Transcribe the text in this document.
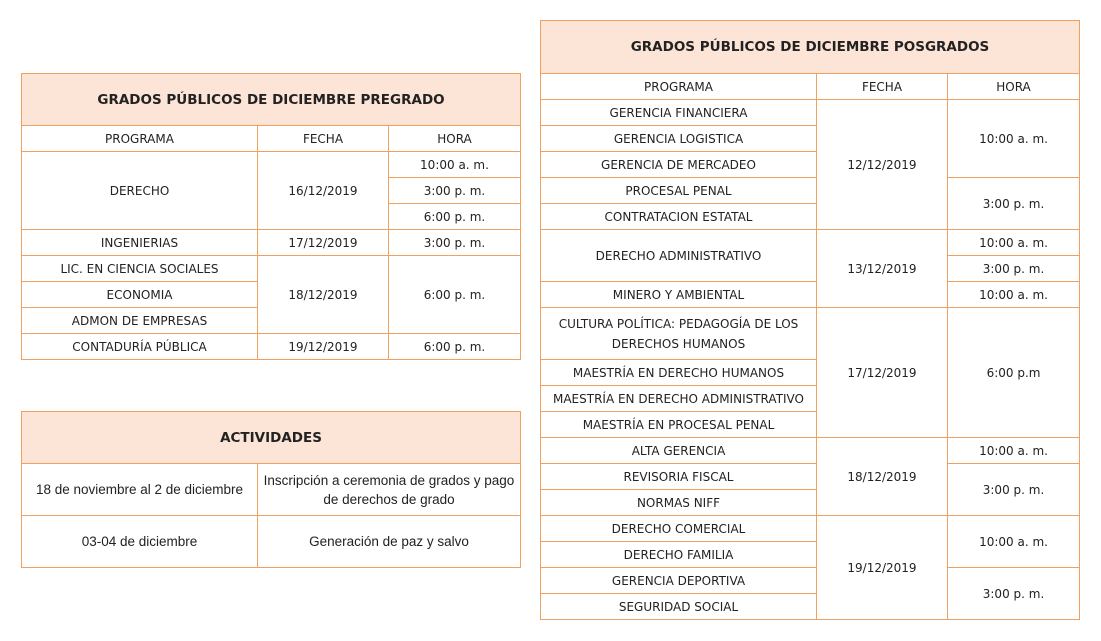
GRADOS PÚBLICOS DE DICIEMBRE PREGRADO		
PROGRAMA	FECHA	HORA
DERECHO	16/12/2019	10:00 a. m.
		3:00 p. m.
		6:00 p. m.
INGENIERIAS	17/12/2019	3:00 p. m.
LIC. EN CIENCIA SOCIALES	18/12/2019	6:00 p. m.
ECONOMIA		
ADMON DE EMPRESAS		
CONTADURÍA PÚBLICA	19/12/2019	6:00 p. m.
ACTIVIDADES	
18 de noviembre al 2 de diciembre	Inscripción a ceremonia de grados y pago de derechos de grado
03-04 de diciembre	Generación de paz y salvo
GRADOS PÚBLICOS DE DICIEMBRE POSGRADOS		
PROGRAMA	FECHA	HORA
GERENCIA FINANCIERA	12/12/2019	10:00 a. m.
GERENCIA LOGISTICA		
GERENCIA DE MERCADEO		
PROCESAL PENAL		3:00 p. m.
CONTRATACION ESTATAL		
DERECHO ADMINISTRATIVO	13/12/2019	10:00 a. m.
		3:00 p. m.
MINERO Y AMBIENTAL		10:00 a. m.
CULTURA POLÍTICA: PEDAGOGÍA DE LOS DERECHOS HUMANOS	17/12/2019	6:00 p.m
MAESTRÍA EN DERECHO HUMANOS		
MAESTRÍA EN DERECHO ADMINISTRATIVO		
MAESTRÍA EN PROCESAL PENAL		
ALTA GERENCIA	18/12/2019	10:00 a. m.
REVISORIA FISCAL		3:00 p. m.
NORMAS NIFF		
DERECHO COMERCIAL	19/12/2019	10:00 a. m.
DERECHO FAMILIA		
GERENCIA DEPORTIVA		3:00 p. m.
SEGURIDAD SOCIAL		
